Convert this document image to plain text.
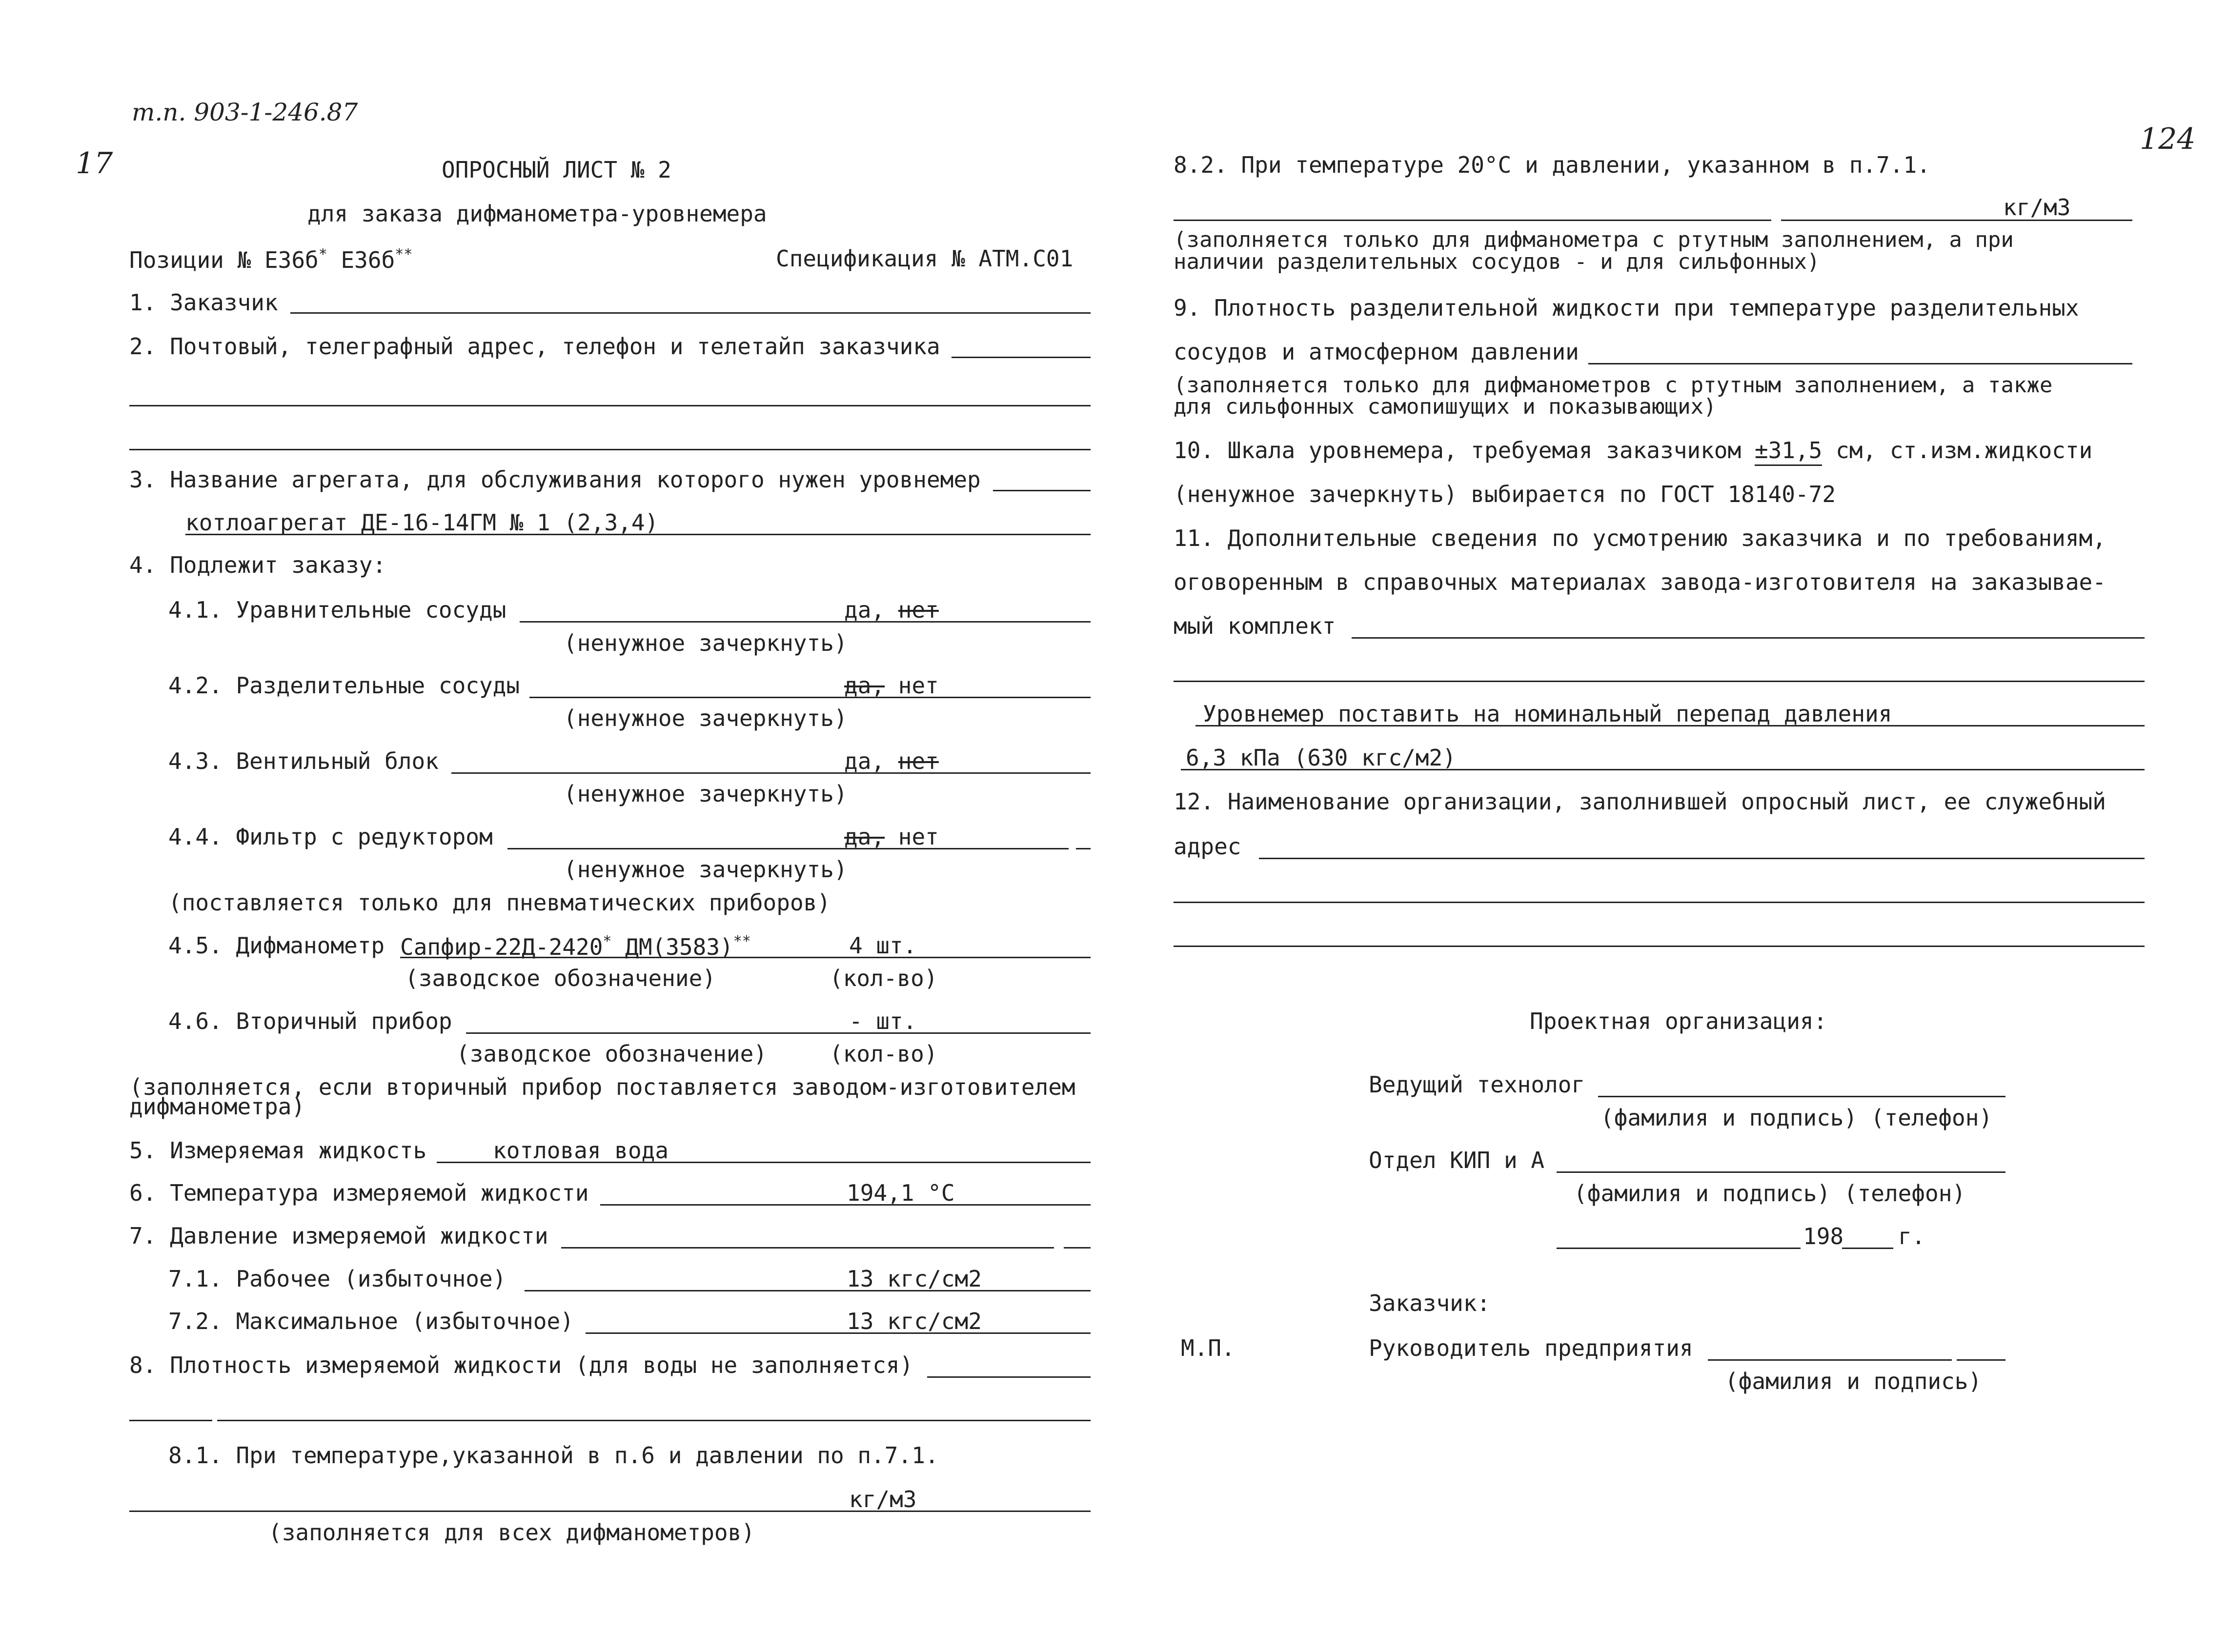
т.п. 903-1-246.87
17
124
ОПРОСНЫЙ ЛИСТ № 2
для заказа дифманометра-уровнемера
Позиции № Е36б* Е36б**	Спецификация № АТМ.С01
1. Заказчик
2. Почтовый, телеграфный адрес, телефон и телетайп заказчика
3. Название агрегата, для обслуживания которого нужен уровнемер
котлоагрегат ДЕ-16-14ГМ № 1 (2,3,4)
4. Подлежит заказу:
4.1. Уравнительные сосуды	да, нет
(ненужное зачеркнуть)
4.2. Разделительные сосуды	да, нет
(ненужное зачеркнуть)
4.3. Вентильный блок	да, нет
(ненужное зачеркнуть)
4.4. Фильтр с редуктором	да, нет
(ненужное зачеркнуть)
(поставляется только для пневматических приборов)
4.5. Дифманометр Сапфир-22Д-2420* ДМ(3583)**	4 шт.
(заводское обозначение)	(кол-во)
4.6. Вторичный прибор	- шт.
(заводское обозначение)	(кол-во)
(заполняется, если вторичный прибор поставляется заводом-изготовителем
дифманометра)
5. Измеряемая жидкость	котловая вода
6. Температура измеряемой жидкости	194,1 °С
7. Давление измеряемой жидкости
7.1. Рабочее (избыточное)	13 кгс/см2
7.2. Максимальное (избыточное)	13 кгс/см2
8. Плотность измеряемой жидкости (для воды не заполняется)
8.1. При температуре,указанной в п.6 и давлении по п.7.1.
кг/м3
(заполняется для всех дифманометров)
8.2. При температуре 20°С и давлении, указанном в п.7.1.
кг/м3
(заполняется только для дифманометра с ртутным заполнением, а при
наличии разделительных сосудов - и для сильфонных)
9. Плотность разделительной жидкости при температуре разделительных
сосудов и атмосферном давлении
(заполняется только для дифманометров с ртутным заполнением, а также
для сильфонных самопишущих и показывающих)
10. Шкала уровнемера, требуемая заказчиком ±31,5 см, ст.изм.жидкости
(ненужное зачеркнуть) выбирается по ГОСТ 18140-72
11. Дополнительные сведения по усмотрению заказчика и по требованиям,
оговоренным в справочных материалах завода-изготовителя на заказывае-
мый комплект
Уровнемер поставить на номинальный перепад давления
6,3 кПа (630 кгс/м2)
12. Наименование организации, заполнившей опросный лист, ее служебный
адрес
Проектная организация:
Ведущий технолог
(фамилия и подпись) (телефон)
Отдел КИП и А
(фамилия и подпись) (телефон)
198 г.
Заказчик:
М.П.	Руководитель предприятия
(фамилия и подпись)
